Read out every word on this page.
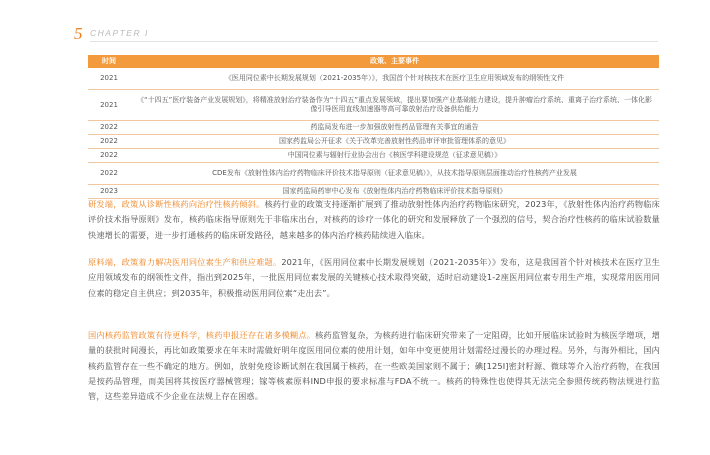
5 CHAPTER I
时间	政策、主要事件
2021	《医用同位素中长期发展规划（2021-2035年）》，我国首个针对核技术在医疗卫生应用领域发布的纲领性文件
2021	《“十四五”医疗装备产业发展规划》，将精准放射治疗装备作为“十四五”重点发展领域，提出要加强产业基础能力建设，提升肿瘤治疗系统、重离子治疗系统、一体化影像引导医用直线加速器等高可靠放射治疗设备供给能力
2022	药监局发布进一步加强放射性药品管理有关事宜的通告
2022	国家药监局公开征求《关于改革完善放射性药品审评审批管理体系的意见》
2022	中国同位素与辐射行业协会出台《核医学科建设规范（征求意见稿）》
2022	CDE发布《放射性体内治疗药物临床评价技术指导原则（征求意见稿）》，从技术指导原则层面推动治疗性核药产业发展
2023	国家药监局药审中心发布《放射性体内治疗药物临床评价技术指导原则》

研发端，政策从诊断性核药向治疗性核药倾斜。核药行业的政策支持逐渐扩展到了推动放射性体内治疗药物临床研究，2023年，《放射性体内治疗药物临床评价技术指导原则》发布，核药临床指导原则先于非临床出台，对核药的诊疗一体化的研究和发展释放了一个强烈的信号，契合治疗性核药的临床试验数量快速增长的需要，进一步打通核药的临床研发路径，越来越多的体内治疗核药陆续进入临床。

原料端，政策着力解决医用同位素生产和供应难题。2021年，《医用同位素中长期发展规划（2021-2035年）》发布，这是我国首个针对核技术在医疗卫生应用领域发布的纲领性文件，指出到2025年，一批医用同位素发展的关键核心技术取得突破，适时启动建设1-2座医用同位素专用生产堆，实现常用医用同位素的稳定自主供应；到2035年，积极推动医用同位素“走出去”。

国内核药监管政策有待更科学，核药申报还存在诸多模糊点。核药监管复杂，为核药进行临床研究带来了一定阻碍，比如开展临床试验时为核医学增项，增量的获批时间漫长，再比如政策要求在年末时需做好明年度医用同位素的使用计划，如年中变更使用计划需经过漫长的办理过程。另外，与海外相比，国内核药监管存在一些不确定的地方。例如，放射免疫诊断试剂在我国属于核药，在一些欧美国家则不属于；碘[125I]密封籽源、微球等介入治疗药物，在我国是按药品管理，而美国将其按医疗器械管理；镓等核素原料IND申报的要求标准与FDA不统一。核药的特殊性也使得其无法完全参照传统药物法规进行监管，这些差异造成不少企业在法规上存在困惑。
